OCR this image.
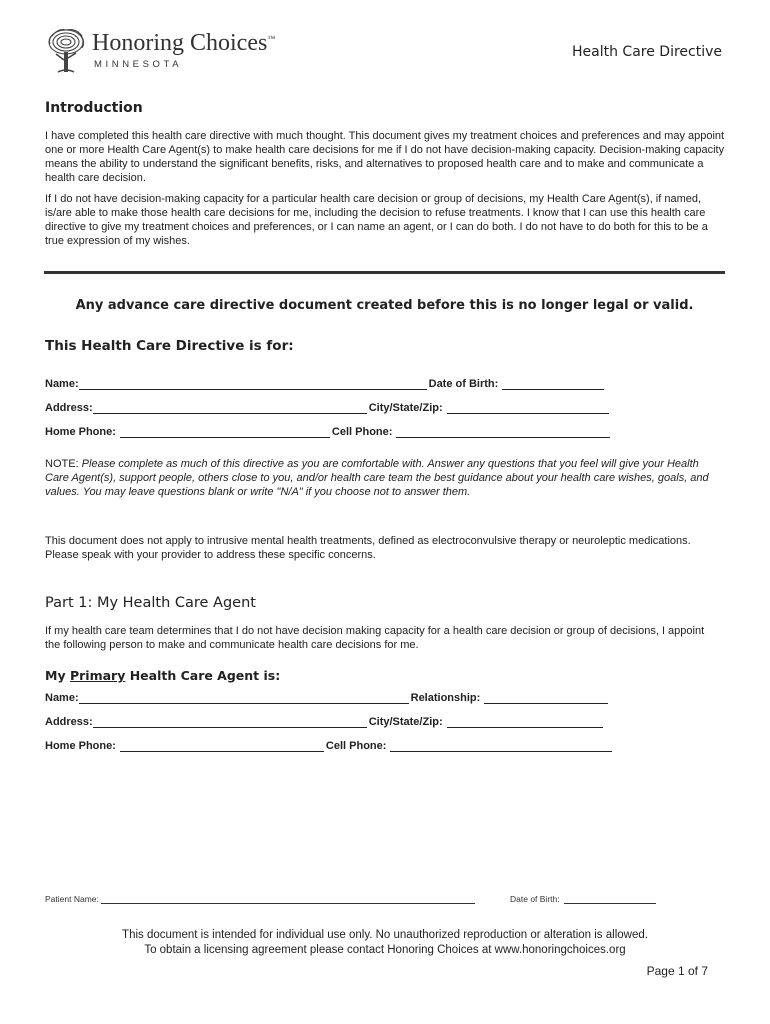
Honoring Choices™
MINNESOTA
Health Care Directive
Introduction
I have completed this health care directive with much thought. This document gives my treatment choices and preferences and may appoint one or more Health Care Agent(s) to make health care decisions for me if I do not have decision-making capacity. Decision-making capacity means the ability to understand the significant benefits, risks, and alternatives to proposed health care and to make and communicate a health care decision.
If I do not have decision-making capacity for a particular health care decision or group of decisions, my Health Care Agent(s), if named, is/are able to make those health care decisions for me, including the decision to refuse treatments. I know that I can use this health care directive to give my treatment choices and preferences, or I can name an agent, or I can do both. I do not have to do both for this to be a true expression of my wishes.
Any advance care directive document created before this is no longer legal or valid.
This Health Care Directive is for:
Name:	Date of Birth:
Address:	City/State/Zip:
Home Phone:	Cell Phone:
NOTE: Please complete as much of this directive as you are comfortable with. Answer any questions that you feel will give your Health Care Agent(s), support people, others close to you, and/or health care team the best guidance about your health care wishes, goals, and values. You may leave questions blank or write "N/A" if you choose not to answer them.
This document does not apply to intrusive mental health treatments, defined as electroconvulsive therapy or neuroleptic medications. Please speak with your provider to address these specific concerns.
Part 1: My Health Care Agent
If my health care team determines that I do not have decision making capacity for a health care decision or group of decisions, I appoint the following person to make and communicate health care decisions for me.
My Primary Health Care Agent is:
Name:	Relationship:
Address:	City/State/Zip:
Home Phone:	Cell Phone:
Patient Name:	Date of Birth:
This document is intended for individual use only. No unauthorized reproduction or alteration is allowed.
To obtain a licensing agreement please contact Honoring Choices at www.honoringchoices.org
Page 1 of 7
